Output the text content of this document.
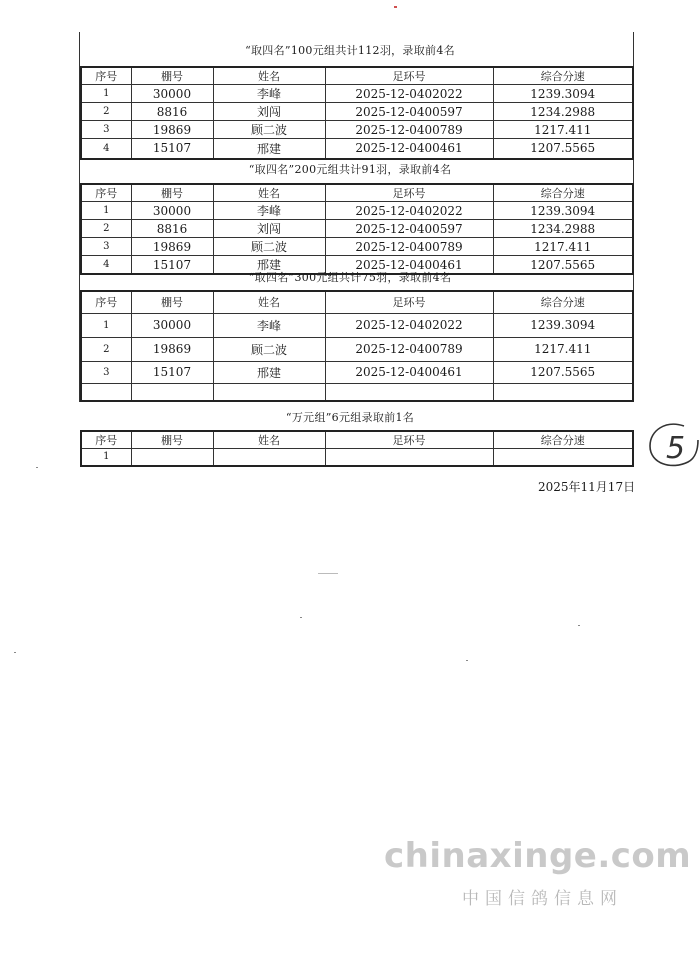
“取四名”100元组共计112羽，录取前4名
序号	棚号	姓名	足环号	综合分速
1	30000	李峰	2025-12-0402022	1239.3094
2	8816	刘闯	2025-12-0400597	1234.2988
3	19869	顾二波	2025-12-0400789	1217.411
4	15107	邢建	2025-12-0400461	1207.5565
“取四名”200元组共计91羽，录取前4名
序号	棚号	姓名	足环号	综合分速
1	30000	李峰	2025-12-0402022	1239.3094
2	8816	刘闯	2025-12-0400597	1234.2988
3	19869	顾二波	2025-12-0400789	1217.411
4	15107	邢建	2025-12-0400461	1207.5565
“取四名”300元组共计75羽，录取前4名
序号	棚号	姓名	足环号	综合分速
1	30000	李峰	2025-12-0402022	1239.3094
2	19869	顾二波	2025-12-0400789	1217.411
3	15107	邢建	2025-12-0400461	1207.5565

“万元组”6元组录取前1名
序号	棚号	姓名	足环号	综合分速
1					5
2025年11月17日
chinaxinge.com
中国信鸽信息网
